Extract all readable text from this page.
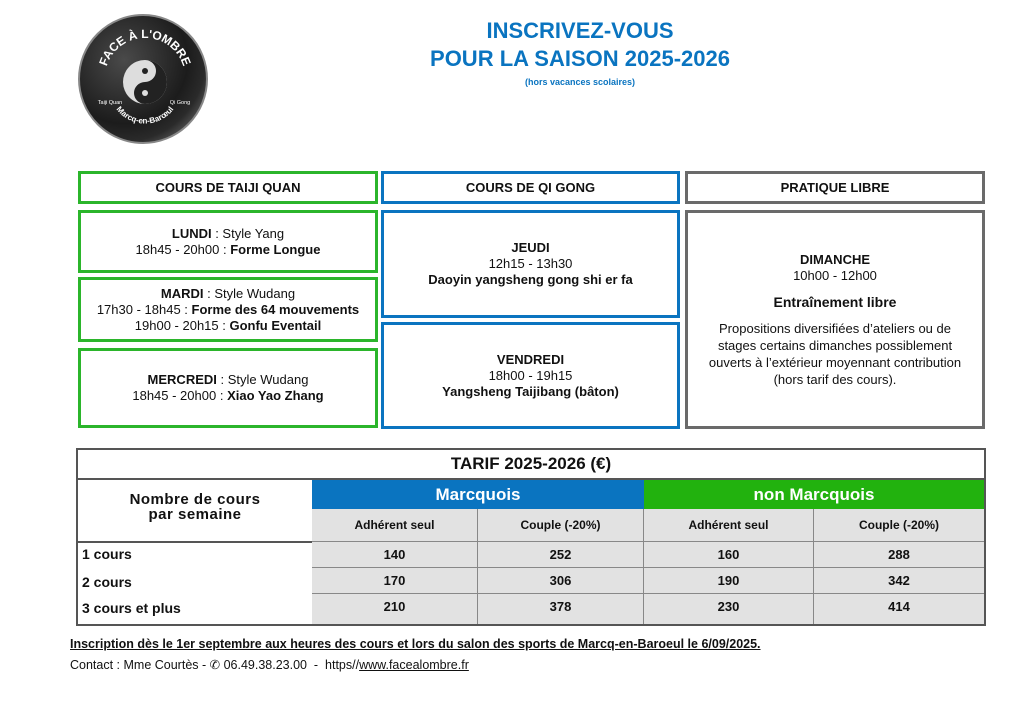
FACE À L'OMBRE
Taiji Quan	Qi Gong
Marcq-en-Barœul
INSCRIVEZ-VOUS
POUR LA SAISON 2025-2026
(hors vacances scolaires)
COURS DE TAIJI QUAN	COURS DE QI GONG	PRATIQUE LIBRE
LUNDI : Style Yang
18h45 - 20h00 : Forme Longue
MARDI : Style Wudang
17h30 - 18h45 : Forme des 64 mouvements
19h00 - 20h15 : Gonfu Eventail
MERCREDI : Style Wudang
18h45 - 20h00 : Xiao Yao Zhang
JEUDI
12h15 - 13h30
Daoyin yangsheng gong shi er fa
VENDREDI
18h00 - 19h15
Yangsheng Taijibang (bâton)
DIMANCHE
10h00 - 12h00
Entraînement libre
Propositions diversifiées d’ateliers ou de stages certains dimanches possiblement ouverts à l’extérieur moyennant contribution (hors tarif des cours).
TARIF 2025-2026 (€)
Nombre de cours
par semaine
Marcquois	non Marcquois
Adhérent seul	Couple (-20%)	Adhérent seul	Couple (-20%)
1 cours	140	252	160	288
2 cours	170	306	190	342
3 cours et plus	210	378	230	414
Inscription dès le 1er septembre aux heures des cours et lors du salon des sports de Marcq-en-Baroeul le 6/09/2025.
Contact : Mme Courtès - ✆ 06.49.38.23.00  -  https//www.facealombre.fr
